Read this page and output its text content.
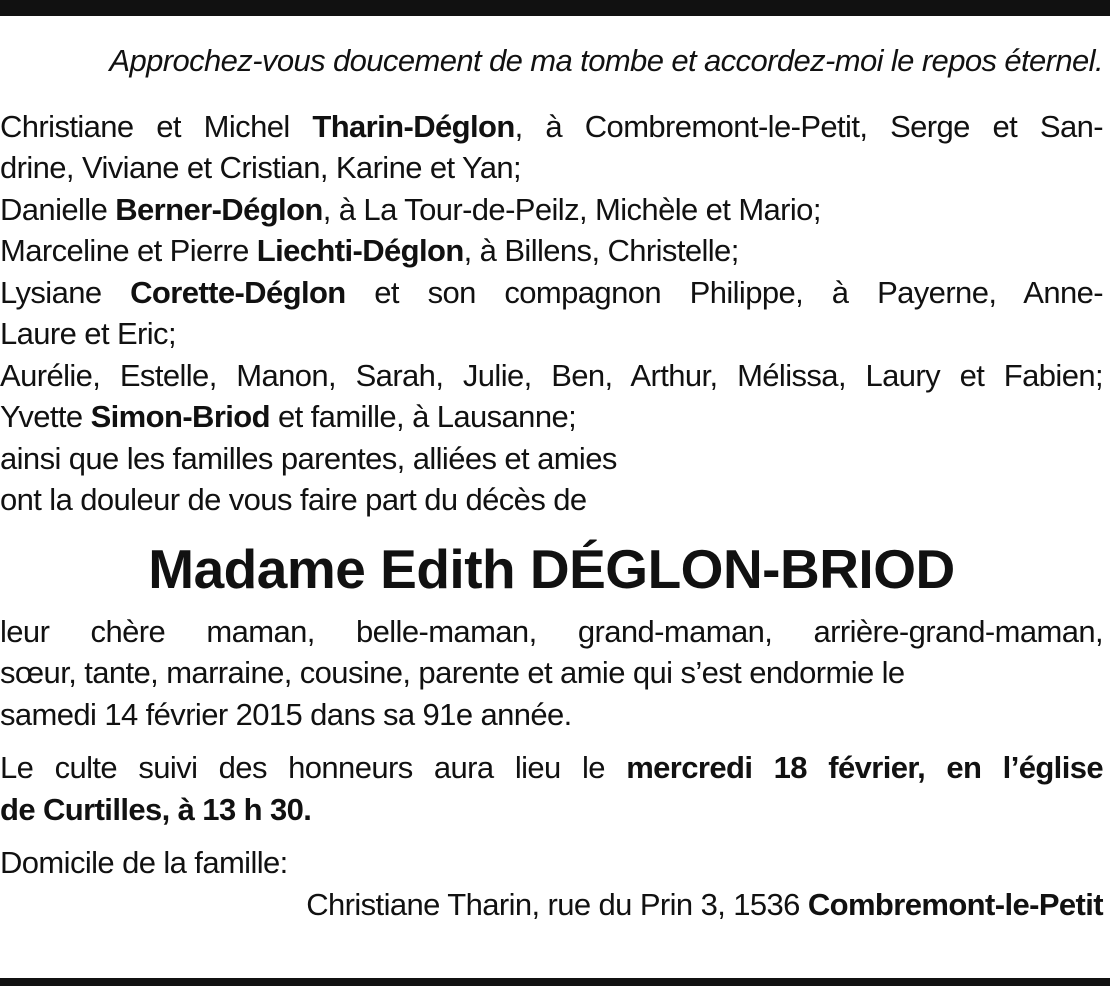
Approchez-vous doucement de ma tombe et accordez-moi le repos éternel.

Christiane et Michel Tharin-Déglon, à Combremont-le-Petit, Serge et San-

drine, Viviane et Cristian, Karine et Yan;

Danielle Berner-Déglon, à La Tour-de-Peilz, Michèle et Mario;

Marceline et Pierre Liechti-Déglon, à Billens, Christelle;

Lysiane Corette-Déglon et son compagnon Philippe, à Payerne, Anne-

Laure et Eric;

Aurélie, Estelle, Manon, Sarah, Julie, Ben, Arthur, Mélissa, Laury et Fabien;

Yvette Simon-Briod et famille, à Lausanne;

ainsi que les familles parentes, alliées et amies

ont la douleur de vous faire part du décès de

Madame Edith DÉGLON-BRIOD

leur chère maman, belle-maman, grand-maman, arrière-grand-maman,

sœur, tante, marraine, cousine, parente et amie qui s’est endormie le

samedi 14 février 2015 dans sa 91e année.

Le culte suivi des honneurs aura lieu le mercredi 18 février, en l’église

de Curtilles, à 13 h 30.

Domicile de la famille:

Christiane Tharin, rue du Prin 3, 1536 Combremont-le-Petit
